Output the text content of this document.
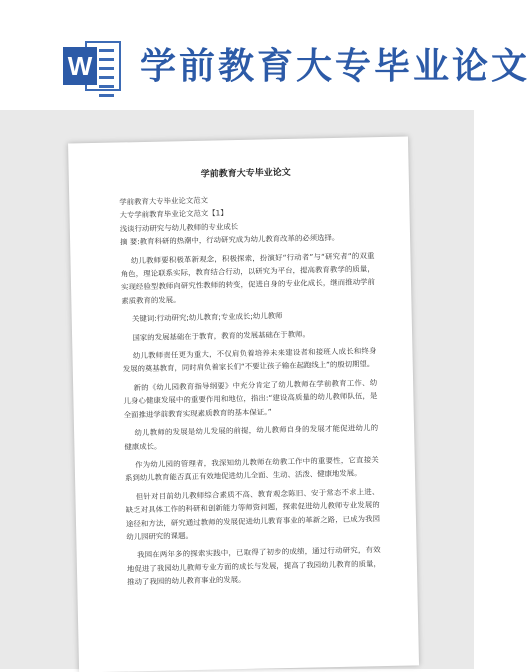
W 学前教育大专毕业论文

学前教育大专毕业论文

学前教育大专毕业论文范文

大专学前教育毕业论文范文【1】

浅谈行动研究与幼儿教师的专业成长

摘 要:教育科研的热潮中，行动研究成为幼儿教育改革的必须选择。

幼儿教师要积极革新观念，积极探索，扮演好“行动者”与“研究者”的双重角色，理论联系实际，教育结合行动，以研究为平台，提高教育教学的质量，实现经验型教师向研究性教师的转变，促进自身的专业化成长，继而推动学前素质教育的发展。

关键词:行动研究;幼儿教育;专业成长;幼儿教师

国家的发展基础在于教育，教育的发展基础在于教师。

幼儿教师责任更为重大，不仅肩负着培养未来建设者和接班人成长和终身发展的奠基教育，同时肩负着家长们“不要让孩子输在起跑线上”的殷切期望。

新的《幼儿园教育指导纲要》中充分肯定了幼儿教师在学前教育工作、幼儿身心健康发展中的重要作用和地位，指出:“建设高质量的幼儿教师队伍，是全面推进学前教育实现素质教育的基本保证。”

幼儿教师的发展是幼儿发展的前提，幼儿教师自身的发展才能促进幼儿的健康成长。

作为幼儿园的管理者，我深知幼儿教师在幼教工作中的重要性，它直接关系到幼儿教育能否真正有效地促进幼儿全面、生动、活泼、健康地发展。

但针对目前幼儿教师综合素质不高、教育观念陈旧、安于常态不求上进、缺乏对具体工作的科研和创新能力等师资问题，探索促进幼儿教师专业发展的途径和方法，研究通过教师的发展促进幼儿教育事业的革新之路，已成为我园幼儿园研究的课题。

我园在两年多的探索实践中，已取得了初步的成绩，通过行动研究，有效地促进了我园幼儿教师专业方面的成长与发展，提高了我园幼儿教育的质量，推动了我园的幼儿教育事业的发展。
